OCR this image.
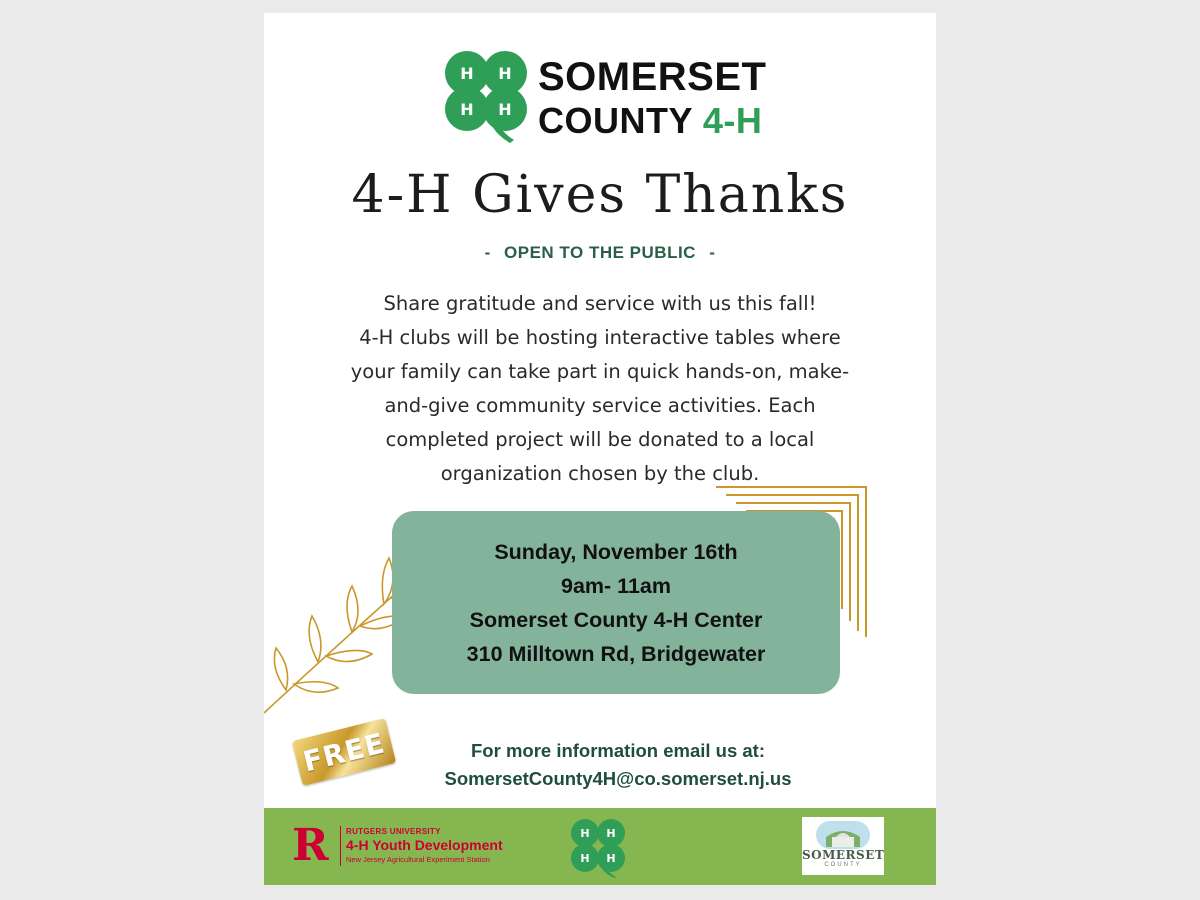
H H
H H
SOMERSET
COUNTY 4-H
4-H Gives Thanks
- OPEN TO THE PUBLIC -
Share gratitude and service with us this fall!
4-H clubs will be hosting interactive tables where
your family can take part in quick hands-on, make-
and-give community service activities. Each
completed project will be donated to a local
organization chosen by the club.
Sunday, November 16th
9am- 11am
Somerset County 4-H Center
310 Milltown Rd, Bridgewater
FREE	For more information email us at:
SomersetCounty4H@co.somerset.nj.us
R RUTGERS UNIVERSITY
4-H Youth Development
New Jersey Agricultural Experiment Station
H H
H H	SOMERSET
COUNTY
